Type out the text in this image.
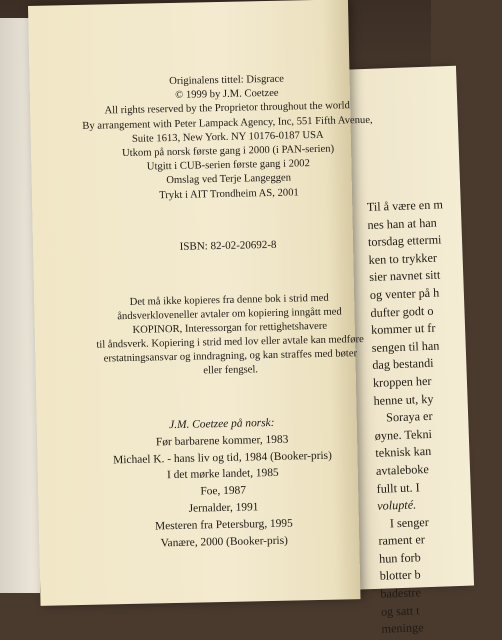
Til å være en m
nes han at han
torsdag ettermi
ken to trykker
sier navnet sitt
og venter på h
dufter godt o
kommer ut fr
sengen til han
dag bestandi
kroppen her
henne ut, ky
Soraya er
øyne. Tekni
teknisk kan
avtaleboke
fullt ut. I
volupté.
I senger
rament er
hun forb
blotter b
badestre
og satt t
meninge
Originalens tittel: Disgrace
© 1999 by J.M. Coetzee
All rights reserved by the Proprietor throughout the world
By arrangement with Peter Lampack Agency, Inc, 551 Fifth Avenue,
Suite 1613, New York. NY 10176-0187 USA
Utkom på norsk første gang i 2000 (i PAN-serien)
Utgitt i CUB-serien første gang i 2002
Omslag ved Terje Langeggen
Trykt i AIT Trondheim AS, 2001
ISBN: 82-02-20692-8
Det må ikke kopieres fra denne bok i strid med
åndsverkloveneller avtaler om kopiering inngått med
KOPINOR, Interessorgan for rettighetshavere
til åndsverk. Kopiering i strid med lov eller avtale kan medføre
erstatningsansvar og inndragning, og kan straffes med bøter
eller fengsel.
J.M. Coetzee på norsk:
Før barbarene kommer, 1983
Michael K. - hans liv og tid, 1984 (Booker-pris)
I det mørke landet, 1985
Foe, 1987
Jernalder, 1991
Mesteren fra Petersburg, 1995
Vanære, 2000 (Booker-pris)
